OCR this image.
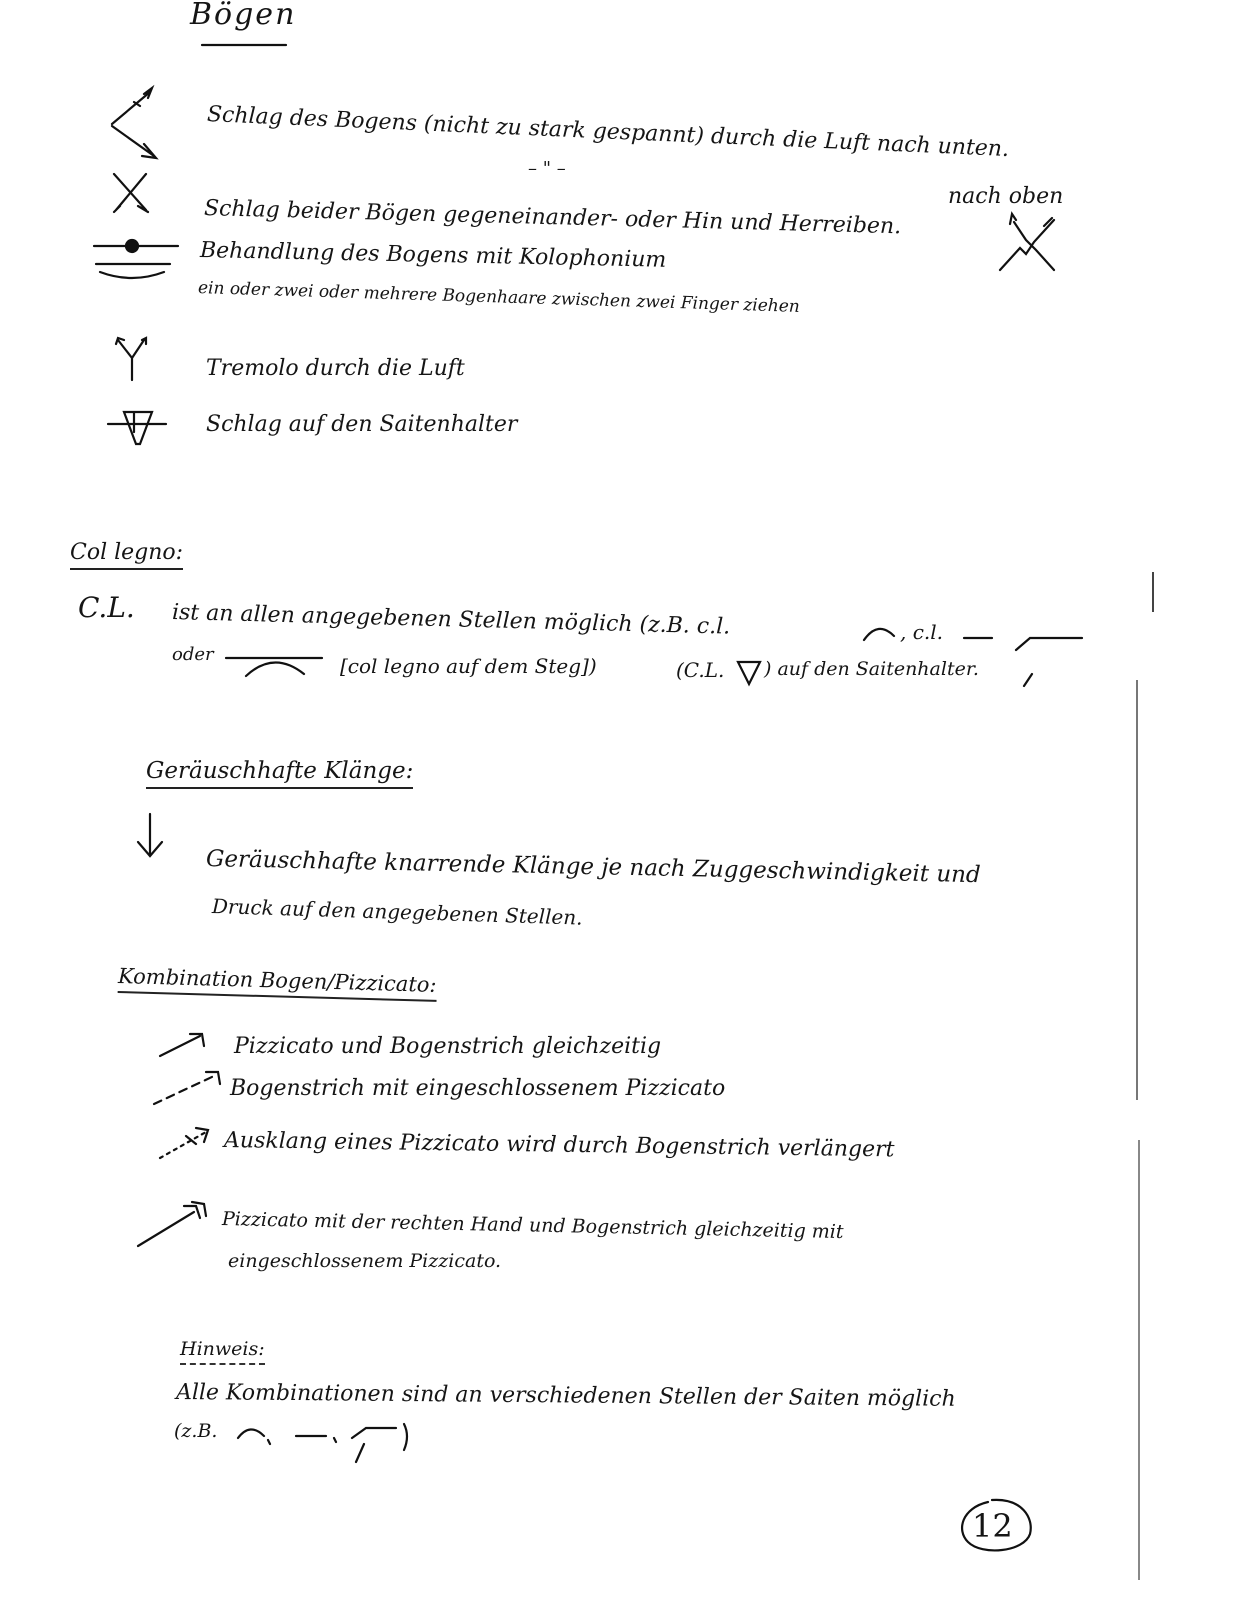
Bögen
Schlag des Bogens (nicht zu stark gespannt) durch die Luft nach unten.
– " –
nach oben
Schlag beider Bögen gegeneinander- oder Hin und Herreiben.
Behandlung des Bogens mit Kolophonium
ein oder zwei oder mehrere Bogenhaare zwischen zwei Finger ziehen
Tremolo durch die Luft
Schlag auf den Saitenhalter
Col legno:
C.L. ist an allen angegebenen Stellen möglich (z.B. c.l.	, c.l.
oder	[col legno auf dem Steg])	(C.L. ) auf den Saitenhalter.
Geräuschhafte Klänge:
Geräuschhafte knarrende Klänge je nach Zuggeschwindigkeit und
Druck auf den angegebenen Stellen.
Kombination Bogen/Pizzicato:
Pizzicato und Bogenstrich gleichzeitig
Bogenstrich mit eingeschlossenem Pizzicato
Ausklang eines Pizzicato wird durch Bogenstrich verlängert
Pizzicato mit der rechten Hand und Bogenstrich gleichzeitig mit
eingeschlossenem Pizzicato.
Hinweis:
Alle Kombinationen sind an verschiedenen Stellen der Saiten möglich
(z.B.
12
